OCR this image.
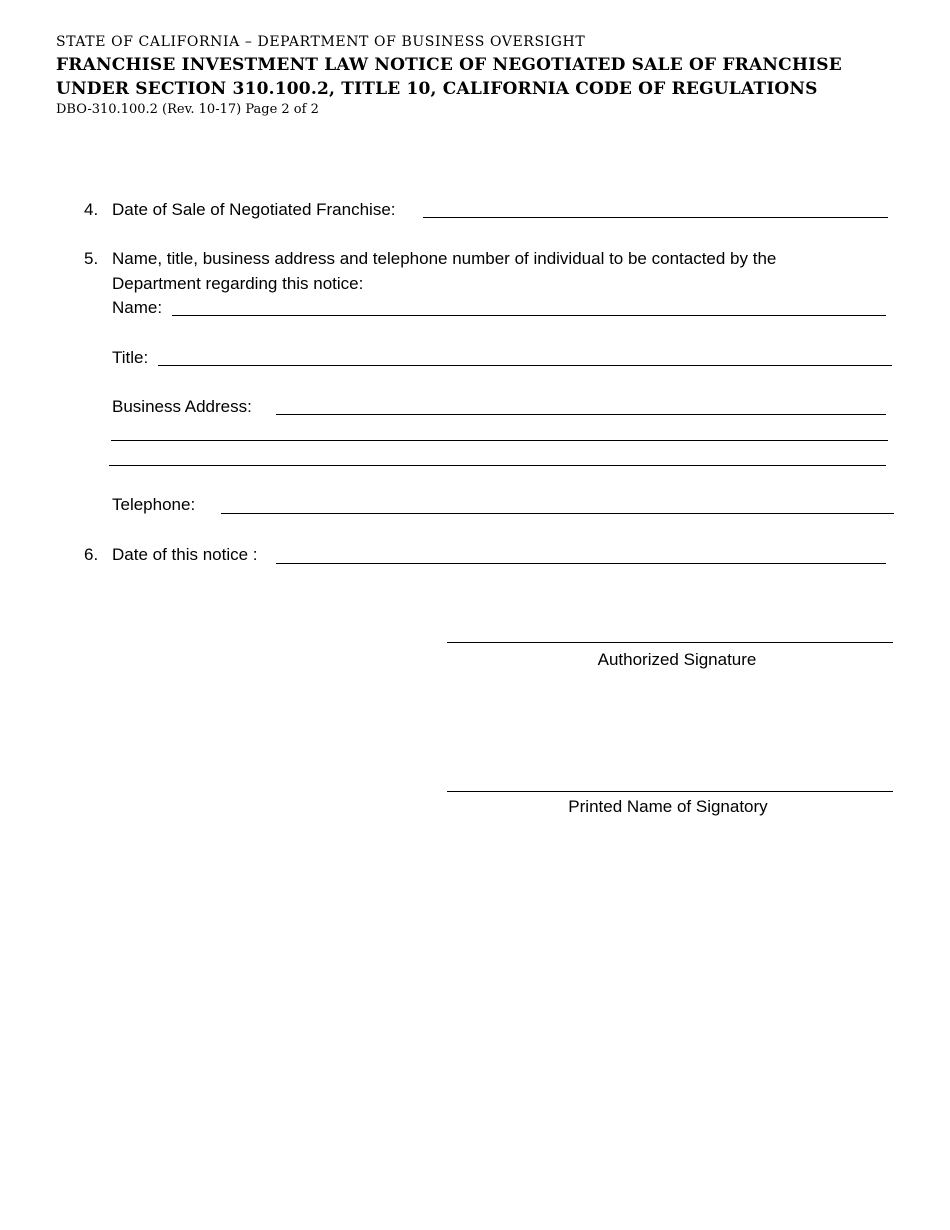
STATE OF CALIFORNIA – DEPARTMENT OF BUSINESS OVERSIGHT
FRANCHISE INVESTMENT LAW NOTICE OF NEGOTIATED SALE OF FRANCHISE
UNDER SECTION 310.100.2, TITLE 10, CALIFORNIA CODE OF REGULATIONS
DBO-310.100.2 (Rev. 10-17) Page 2 of 2
4. Date of Sale of Negotiated Franchise:
5. Name, title, business address and telephone number of individual to be contacted by the
Department regarding this notice:
Name:
Title:
Business Address:
Telephone:
6. Date of this notice :
Authorized Signature
Printed Name of Signatory
